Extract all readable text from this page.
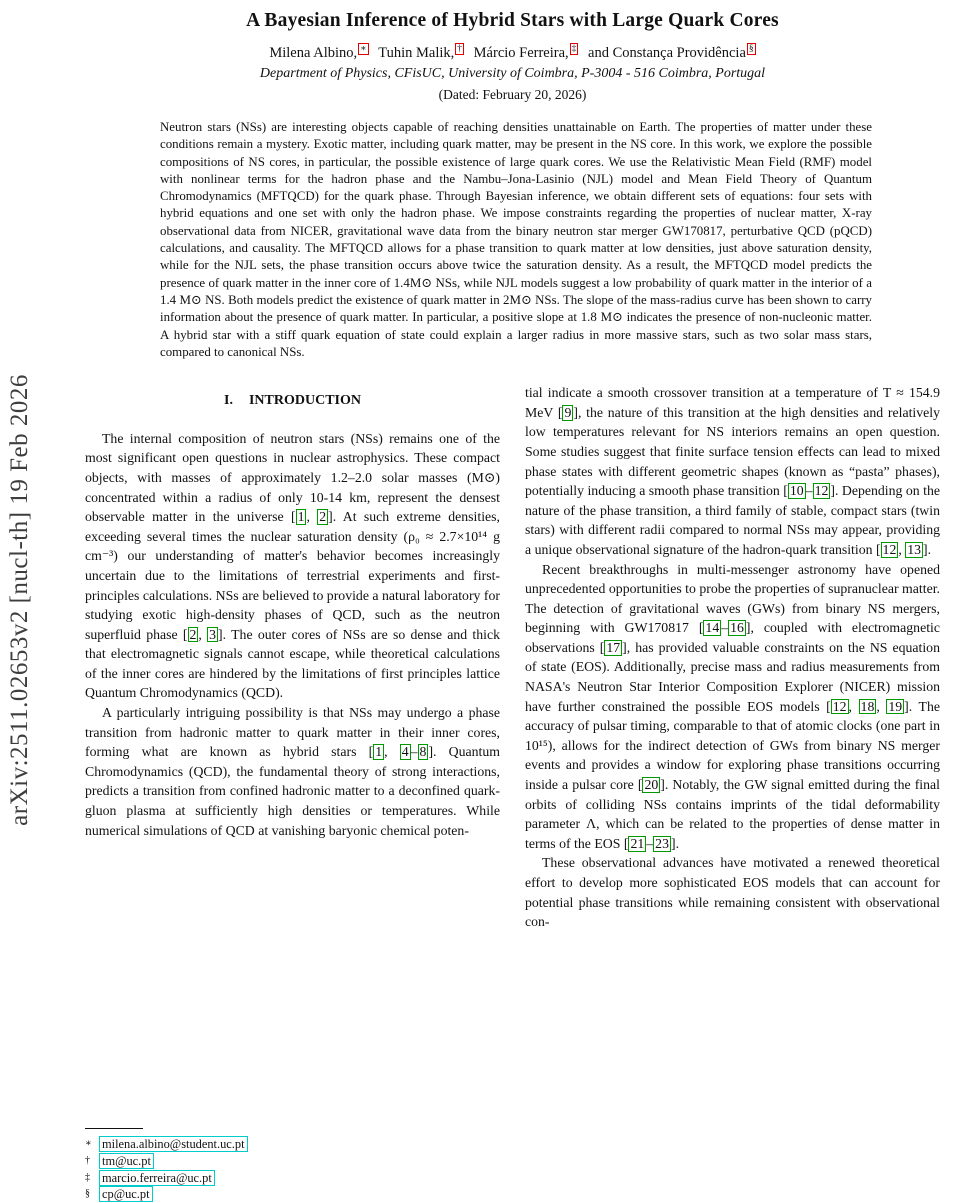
arXiv:2511.02653v2 [nucl-th] 19 Feb 2026
A Bayesian Inference of Hybrid Stars with Large Quark Cores
Milena Albino, ∗ Tuhin Malik, † Márcio Ferreira, ‡ and Constança Providência §
Department of Physics, CFisUC, University of Coimbra, P-3004 - 516 Coimbra, Portugal
(Dated: February 20, 2026)
Neutron stars (NSs) are interesting objects capable of reaching densities unattainable on Earth. The properties of matter under these conditions remain a mystery. Exotic matter, including quark matter, may be present in the NS core. In this work, we explore the possible compositions of NS cores, in particular, the possible existence of large quark cores. We use the Relativistic Mean Field (RMF) model with nonlinear terms for the hadron phase and the Nambu–Jona-Lasinio (NJL) model and Mean Field Theory of Quantum Chromodynamics (MFTQCD) for the quark phase. Through Bayesian inference, we obtain different sets of equations: four sets with hybrid equations and one set with only the hadron phase. We impose constraints regarding the properties of nuclear matter, X-ray observational data from NICER, gravitational wave data from the binary neutron star merger GW170817, perturbative QCD (pQCD) calculations, and causality. The MFTQCD allows for a phase transition to quark matter at low densities, just above saturation density, while for the NJL sets, the phase transition occurs above twice the saturation density. As a result, the MFTQCD model predicts the presence of quark matter in the inner core of 1.4M⊙ NSs, while NJL models suggest a low probability of quark matter in the interior of a 1.4 M⊙ NS. Both models predict the existence of quark matter in 2M⊙ NSs. The slope of the mass-radius curve has been shown to carry information about the presence of quark matter. In particular, a positive slope at 1.8 M⊙ indicates the presence of non-nucleonic matter. A hybrid star with a stiff quark equation of state could explain a larger radius in more massive stars, such as two solar mass stars, compared to canonical NSs.
I. INTRODUCTION

The internal composition of neutron stars (NSs) remains one of the most significant open questions in nuclear astrophysics. These compact objects, with masses of approximately 1.2–2.0 solar masses (M⊙) concentrated within a radius of only 10-14 km, represent the densest observable matter in the universe [ 1 , 2 ]. At such extreme densities, exceeding several times the nuclear saturation density (ρ₀ ≈ 2.7×10¹⁴ g cm⁻³) our understanding of matter's behavior becomes increasingly uncertain due to the limitations of terrestrial experiments and first-principles calculations. NSs are believed to provide a natural laboratory for studying exotic high-density phases of QCD, such as the neutron superfluid phase [ 2 , 3 ]. The outer cores of NSs are so dense and thick that electromagnetic signals cannot escape, while theoretical calculations of the inner cores are hindered by the limitations of first principles lattice Quantum Chromodynamics (QCD).

A particularly intriguing possibility is that NSs may undergo a phase transition from hadronic matter to quark matter in their inner cores, forming what are known as hybrid stars [ 1 , 4 – 8 ]. Quantum Chromodynamics (QCD), the fundamental theory of strong interactions, predicts a transition from confined hadronic matter to a deconfined quark-gluon plasma at sufficiently high densities or temperatures. While numerical simulations of QCD at vanishing baryonic chemical poten-

tial indicate a smooth crossover transition at a temperature of T ≈ 154.9 MeV [ 9 ], the nature of this transition at the high densities and relatively low temperatures relevant for NS interiors remains an open question. Some studies suggest that finite surface tension effects can lead to mixed phase states with different geometric shapes (known as “pasta” phases), potentially inducing a smooth phase transition [ 10 – 12 ]. Depending on the nature of the phase transition, a third family of stable, compact stars (twin stars) with different radii compared to normal NSs may appear, providing a unique observational signature of the hadron-quark transition [ 12 , 13 ].

Recent breakthroughs in multi-messenger astronomy have opened unprecedented opportunities to probe the properties of supranuclear matter. The detection of gravitational waves (GWs) from binary NS mergers, beginning with GW170817 [ 14 – 16 ], coupled with electromagnetic observations [ 17 ], has provided valuable constraints on the NS equation of state (EOS). Additionally, precise mass and radius measurements from NASA's Neutron Star Interior Composition Explorer (NICER) mission have further constrained the possible EOS models [ 12 , 18 , 19 ]. The accuracy of pulsar timing, comparable to that of atomic clocks (one part in 10¹⁵), allows for the indirect detection of GWs from binary NS merger events and provides a window for exploring phase transitions occurring inside a pulsar core [ 20 ]. Notably, the GW signal emitted during the final orbits of colliding NSs contains imprints of the tidal deformability parameter Λ, which can be related to the properties of dense matter in terms of the EOS [ 21 – 23 ].

These observational advances have motivated a renewed theoretical effort to develop more sophisticated EOS models that can account for potential phase transitions while remaining consistent with observational con-

∗ milena.albino@student.uc.pt
† tm@uc.pt
‡ marcio.ferreira@uc.pt
§ cp@uc.pt
